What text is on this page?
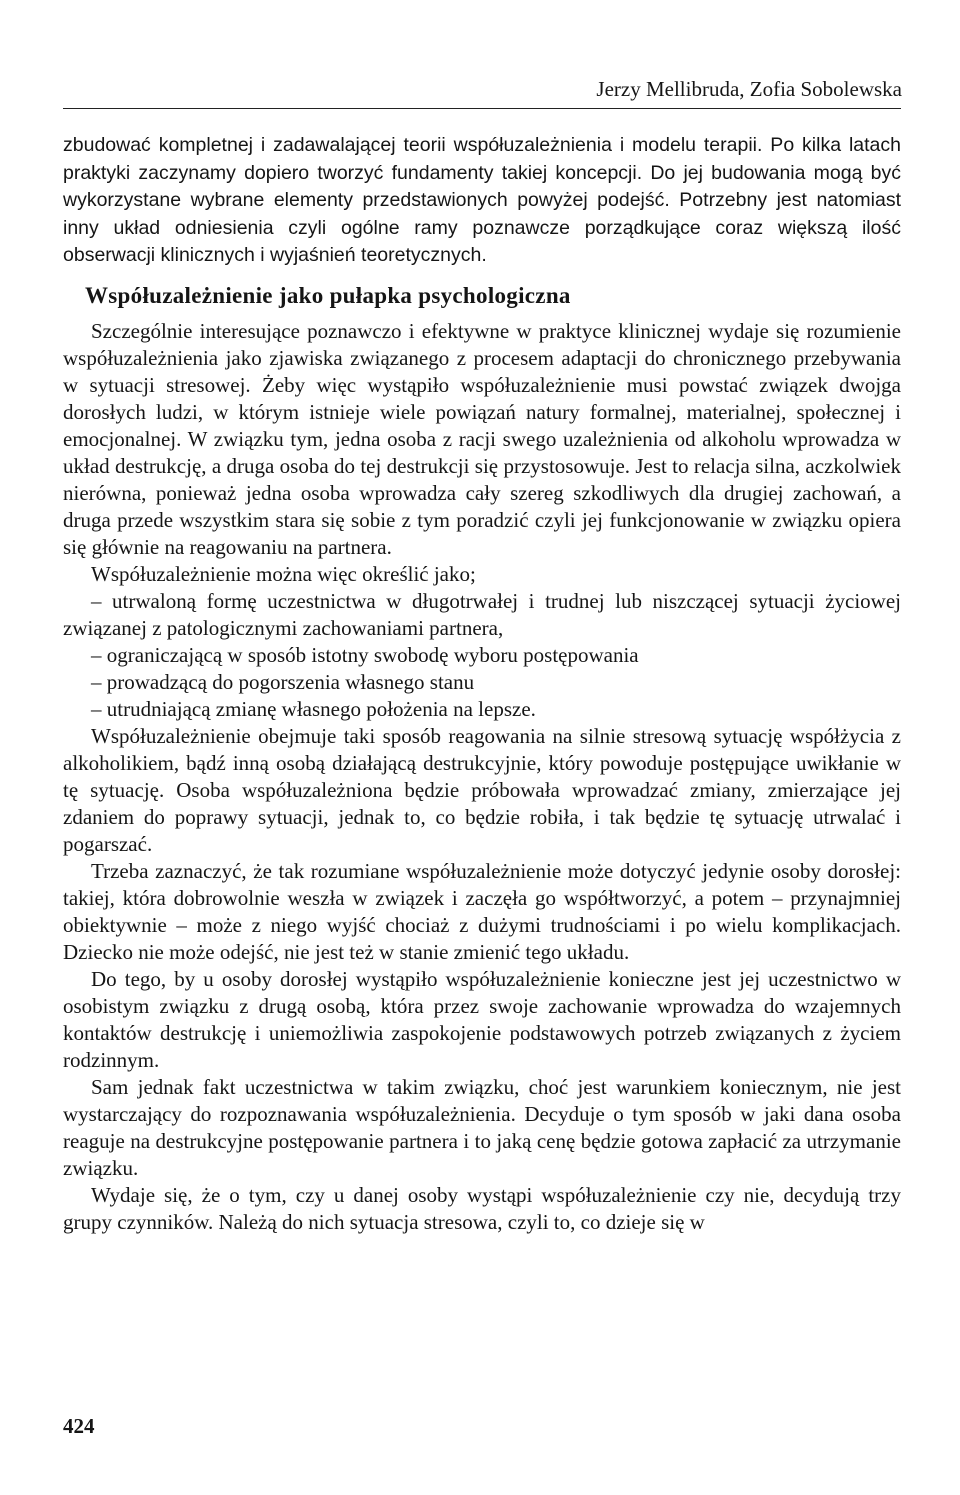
Jerzy Mellibruda, Zofia Sobolewska

zbudować kompletnej i zadawalającej teorii współuzależnienia i modelu terapii. Po kilka latach praktyki zaczynamy dopiero tworzyć fundamenty takiej koncepcji. Do jej budowania mogą być wykorzystane wybrane elementy przedstawionych powyżej podejść. Potrzebny jest natomiast inny układ odniesienia czyli ogólne ramy poznawcze porządkujące coraz większą ilość obserwacji klinicznych i wyjaśnień teoretycznych.

Współuzależnienie jako pułapka psychologiczna

Szczególnie interesujące poznawczo i efektywne w praktyce klinicznej wydaje się rozumienie współuzależnienia jako zjawiska związanego z procesem adaptacji do chronicznego przebywania w sytuacji stresowej. Żeby więc wystąpiło współuzależnienie musi powstać związek dwojga dorosłych ludzi, w którym istnieje wiele powiązań natury formalnej, materialnej, społecznej i emocjonalnej. W związku tym, jedna osoba z racji swego uzależnienia od alkoholu wprowadza w układ destrukcję, a druga osoba do tej destrukcji się przystosowuje. Jest to relacja silna, aczkolwiek nierówna, ponieważ jedna osoba wprowadza cały szereg szkodliwych dla drugiej zachowań, a druga przede wszystkim stara się sobie z tym poradzić czyli jej funkcjonowanie w związku opiera się głównie na reagowaniu na partnera.

Współuzależnienie można więc określić jako;

– utrwaloną formę uczestnictwa w długotrwałej i trudnej lub niszczącej sytuacji życiowej związanej z patologicznymi zachowaniami partnera,

– ograniczającą w sposób istotny swobodę wyboru postępowania

– prowadzącą do pogorszenia własnego stanu

– utrudniającą zmianę własnego położenia na lepsze.

Współuzależnienie obejmuje taki sposób reagowania na silnie stresową sytuację współżycia z alkoholikiem, bądź inną osobą działającą destrukcyjnie, który powoduje postępujące uwikłanie w tę sytuację. Osoba współuzależniona będzie próbowała wprowadzać zmiany, zmierzające jej zdaniem do poprawy sytuacji, jednak to, co będzie robiła, i tak będzie tę sytuację utrwalać i pogarszać.

Trzeba zaznaczyć, że tak rozumiane współuzależnienie może dotyczyć jedynie osoby dorosłej: takiej, która dobrowolnie weszła w związek i zaczęła go współtworzyć, a potem – przynajmniej obiektywnie – może z niego wyjść chociaż z dużymi trudnościami i po wielu komplikacjach. Dziecko nie może odejść, nie jest też w stanie zmienić tego układu.

Do tego, by u osoby dorosłej wystąpiło współuzależnienie konieczne jest jej uczestnictwo w osobistym związku z drugą osobą, która przez swoje zachowanie wprowadza do wzajemnych kontaktów destrukcję i uniemożliwia zaspokojenie podstawowych potrzeb związanych z życiem rodzinnym.

Sam jednak fakt uczestnictwa w takim związku, choć jest warunkiem koniecznym, nie jest wystarczający do rozpoznawania współuzależnienia. Decyduje o tym sposób w jaki dana osoba reaguje na destrukcyjne postępowanie partnera i to jaką cenę będzie gotowa zapłacić za utrzymanie związku.

Wydaje się, że o tym, czy u danej osoby wystąpi współuzależnienie czy nie, decydują trzy grupy czynników. Należą do nich sytuacja stresowa, czyli to, co dzieje się w

424
